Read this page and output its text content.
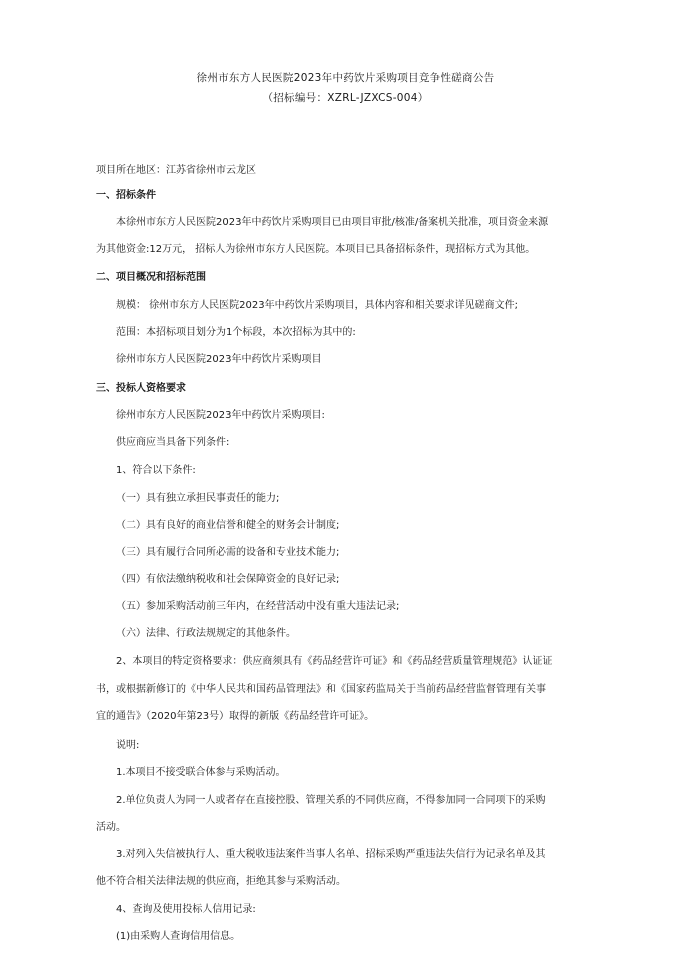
徐州市东方人民医院2023年中药饮片采购项目竞争性磋商公告
（招标编号：XZRL-JZXCS-004）
项目所在地区：江苏省徐州市云龙区
一、招标条件
本徐州市东方人民医院2023年中药饮片采购项目已由项目审批/核准/备案机关批准，项目资金来源
为其他资金:12万元， 招标人为徐州市东方人民医院。本项目已具备招标条件，现招标方式为其他。
二、项目概况和招标范围
规模： 徐州市东方人民医院2023年中药饮片采购项目，具体内容和相关要求详见磋商文件;
范围：本招标项目划分为1个标段，本次招标为其中的:
徐州市东方人民医院2023年中药饮片采购项目
三、投标人资格要求
徐州市东方人民医院2023年中药饮片采购项目:
供应商应当具备下列条件:
1、符合以下条件:
（一）具有独立承担民事责任的能力;
（二）具有良好的商业信誉和健全的财务会计制度;
（三）具有履行合同所必需的设备和专业技术能力;
（四）有依法缴纳税收和社会保障资金的良好记录;
（五）参加采购活动前三年内，在经营活动中没有重大违法记录;
（六）法律、行政法规规定的其他条件。
2、本项目的特定资格要求：供应商须具有《药品经营许可证》和《药品经营质量管理规范》认证证
书，或根据新修订的《中华人民共和国药品管理法》和《国家药监局关于当前药品经营监督管理有关事
宜的通告》（2020年第23号）取得的新版《药品经营许可证》。
说明:
1.本项目不接受联合体参与采购活动。
2.单位负责人为同一人或者存在直接控股、管理关系的不同供应商，不得参加同一合同项下的采购
活动。
3.对列入失信被执行人、重大税收违法案件当事人名单、招标采购严重违法失信行为记录名单及其
他不符合相关法律法规的供应商，拒绝其参与采购活动。
4、查询及使用投标人信用记录:
(1)由采购人查询信用信息。
